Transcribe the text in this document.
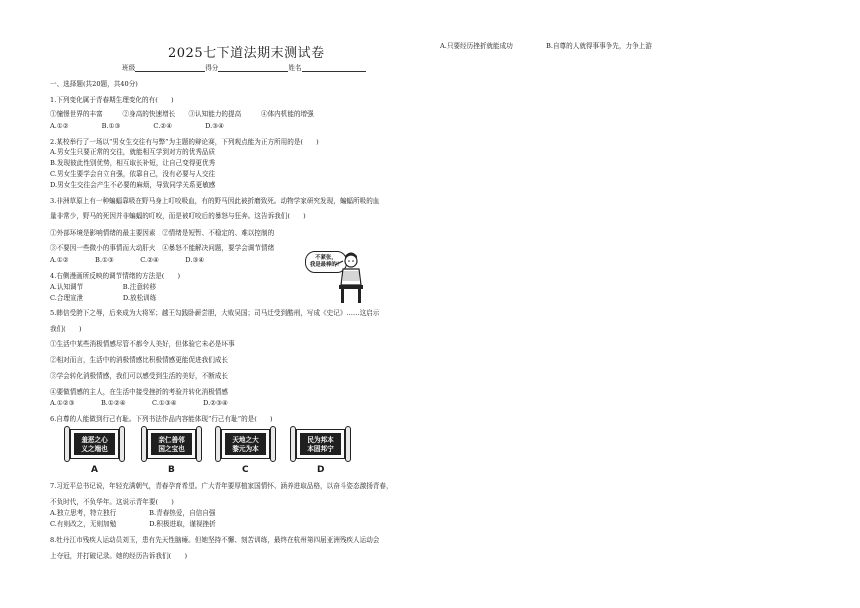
2025七下道法期末测试卷
班级	得分	姓名
一、选择题(共20题，共40分)
1.下列变化属于青春期生理变化的有(　　)
①憧憬世界的丰富　　　②身高的快速增长　　③认知能力的提高　　　④体内机能的增强
A.①②　　　　　B.①③　　　　　C.②④　　　　　D.③④
2.某校举行了一场以“男女生交往有与弊”为主题的辩论赛，下列观点能为正方所用的是(　　)
A.男女生只要正常的交往，就能相互学到对方的优秀品质
B.发现彼此性别优势，相互取长补短，让自己变得更优秀
C.男女生要学会自立自强，依靠自己，没有必要与人交往
D.男女生交往会产生不必要的麻烦，导致同学关系更敏感
3.非洲草原上有一种蝙蝠靠吸在野马身上叮咬吸血，有的野马因此被折磨致死。动物学家研究发现，蝙蝠所吸的血
量非常少，野马的死因并非蝙蝠的叮咬，而是被叮咬后的暴怒与狂奔。这告诉我们(　　)
①外部环境是影响情绪的最主要因素　②情绪是短暂、不稳定的、难以控制的
③不要因一些微小的事情而大动肝火　④暴怒不能解决问题，要学会调节情绪
A.①②　　　　B.①③　　　　C.②④　　　　D.③④
4.右侧漫画所反映的调节情绪的方法是(　　)
A.认知调节　　　　　　B.注意转移
C.合理宣泄　　　　　　D.放松训练
不紧张，
我是最棒的！
5.韩信受胯下之辱，后来成为大将军；越王勾践卧薪尝胆，大败吴国；司马迁受到酷刑，写成《史记》……这启示
我们(　　)
①生活中某些消极情感尽管不都令人美好，但体验它未必是坏事
②相对而言，生活中的消极情感比积极情感更能促进我们成长
③学会转化消极情感，我们可以感受到生活的美好，不断成长
④要做情感的主人，在生活中接受挫折的考验并转化消极情感
A.①②③　　　　B.①②④　　　　C.①③④　　　　D.②③④
6.自尊的人能做到行己有耻。下列书法作品内容能体现“行己有耻”的是(　　)
羞恶之心
义之端也
A
亲仁善邻
国之宝也
B
天地之大
黎元为本
C
民为邦本
本固邦宁
D
7.习近平总书记说，年轻充满朝气，青春孕育希望。广大青年要厚植家国情怀、涵养进取品格，以奋斗姿态激扬青春，
不负时代，不负华年。这说示青年要(　　)
A.独立思考，特立独行　　　　　B.青春热爱，自信自强
C.有则改之，无则加勉　　　　　D.积极进取，谨视挫折
8.牡丹江市残疾人运动员刘玉，患有先天性脑瘫。但她坚持不懈、刻苦训练，最终在杭州第四届亚洲残疾人运动会
上夺冠，并打破记录。她的经历告诉我们(　　)
A.只要经历挫折就能成功	B.自尊的人就得事事争先，力争上游
